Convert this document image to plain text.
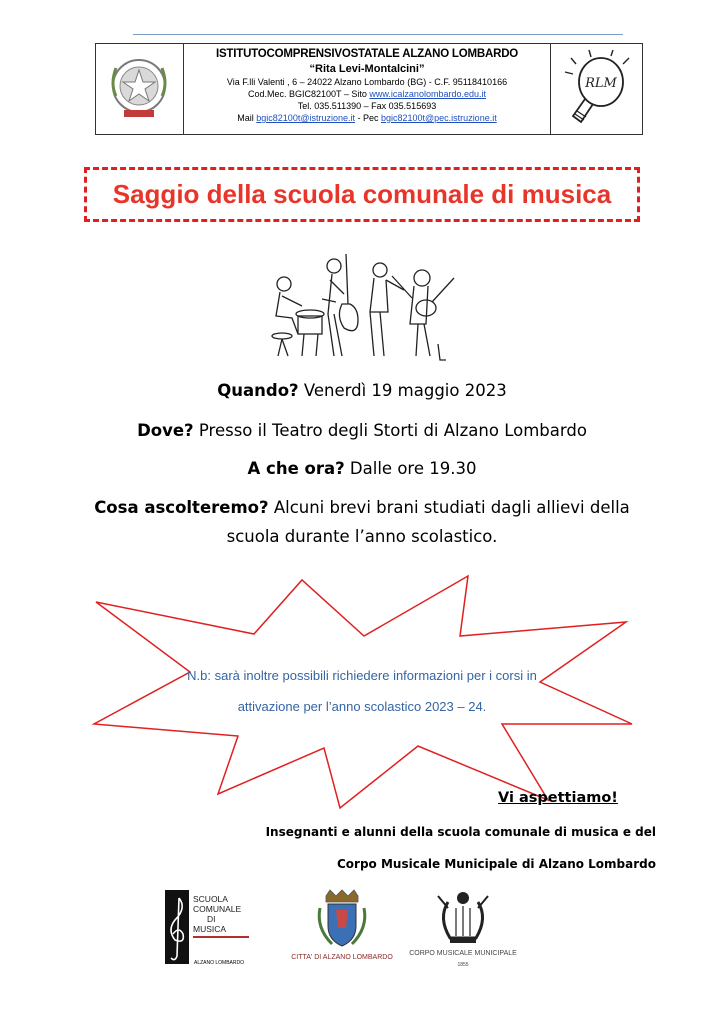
ISTITUTOCOMPRENSIVOSTATALE ALZANO LOMBARDO
“Rita Levi-Montalcini”
Via F.lli Valenti , 6 – 24022 Alzano Lombardo (BG) - C.F. 95118410166
Cod.Mec. BGIC82100T – Sito www.icalzanolombardo.edu.it
Tel. 035.511390 – Fax 035.515693
Mail bgic82100t@istruzione.it - Pec bgic82100t@pec.istruzione.it
RLM
Saggio della scuola comunale di musica
Quando? Venerdì 19 maggio 2023
Dove? Presso il Teatro degli Storti di Alzano Lombardo
A che ora? Dalle ore 19.30
Cosa ascolteremo? Alcuni brevi brani studiati dagli allievi della
scuola durante l’anno scolastico.
N.b: sarà inoltre possibili richiedere informazioni per i corsi in
attivazione per l’anno scolastico 2023 – 24.
Vi aspettiamo!
Insegnanti e alunni della scuola comunale di musica e del
Corpo Musicale Municipale di Alzano Lombardo
SCUOLA
COMUNALE
DI
MUSICA
ALZANO LOMBARDO
CITTA' DI ALZANO LOMBARDO
CORPO MUSICALE MUNICIPALE
1855
